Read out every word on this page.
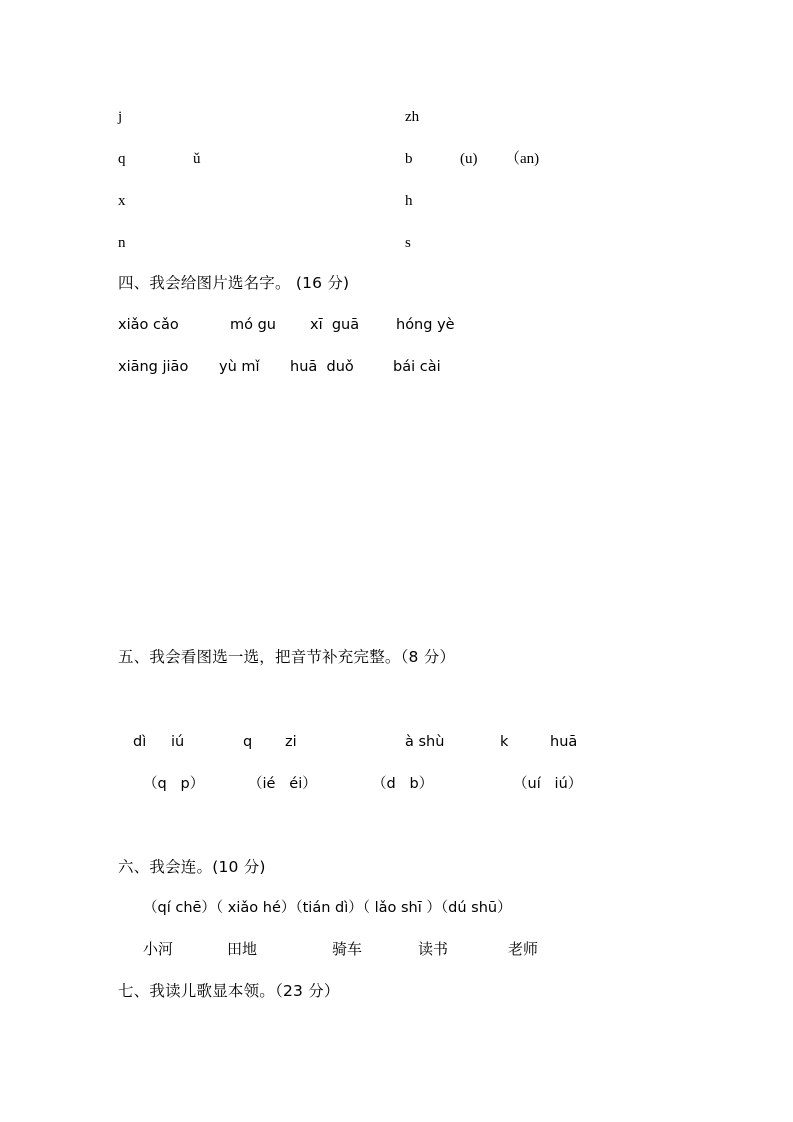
j	zh
q	ǔ	b	(u) （an)
x	h
n	s
四、我会给图片选名字。 (16 分)
xiǎo cǎo	mó gu xī  guā	hóng yè
xiāng jiāo yù mǐ huā  duǒ	bái cài
五、我会看图选一选，把音节补充完整。（8 分）
dì iú	q zi	à shù	k	huā
（q   p）	（ié   éi）	（d   b）	（uí   iú）
六、我会连。(10 分)
（qí chē）（ xiǎo hé）（tián dì）（ lǎo shī ）（dú shū）
小河	田地	骑车	读书	老师
七、我读儿歌显本领。（23 分）
